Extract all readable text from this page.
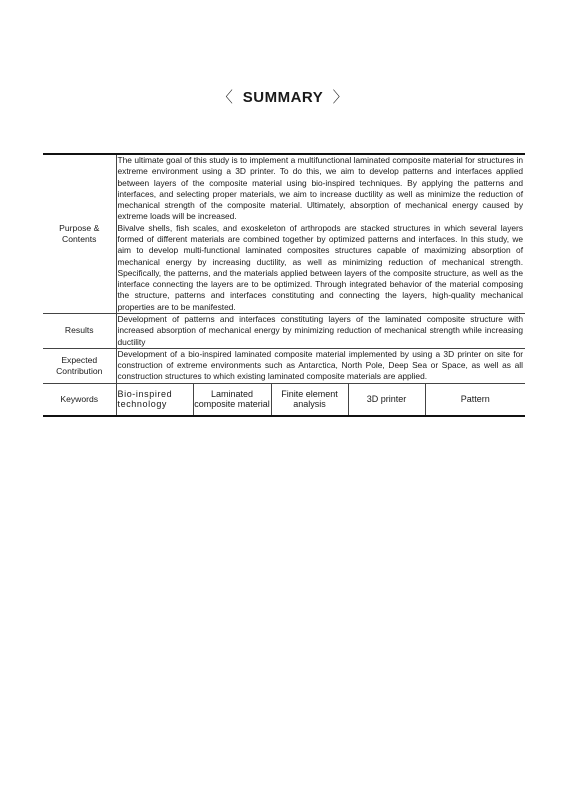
〈 SUMMARY 〉
Purpose & Contents	The ultimate goal of this study is to implement a multifunctional laminated composite material for structures in extreme environment using a 3D printer. To do this, we aim to develop patterns and interfaces applied between layers of the composite material using bio-inspired techniques. By applying the patterns and interfaces, and selecting proper materials, we aim to increase ductility as well as minimize the reduction of mechanical strength of the composite material. Ultimately, absorption of mechanical energy caused by extreme loads will be increased.

Bivalve shells, fish scales, and exoskeleton of arthropods are stacked structures in which several layers formed of different materials are combined together by optimized patterns and interfaces. In this study, we aim to develop multi-functional laminated composites structures capable of maximizing absorption of mechanical energy by increasing ductility, as well as minimizing reduction of mechanical strength. Specifically, the patterns, and the materials applied between layers of the composite structure, as well as the interface connecting the layers are to be optimized. Through integrated behavior of the material composing the structure, patterns and interfaces constituting and connecting the layers, high-quality mechanical properties are to be manifested.				

Results	Development of patterns and interfaces constituting layers of the laminated composite structure with increased absorption of mechanical energy by minimizing reduction of mechanical strength while increasing ductility				

Expected Contribution	Development of a bio-inspired laminated composite material implemented by using a 3D printer on site for construction of extreme environments such as Antarctica, North Pole, Deep Sea or Space, as well as all construction structures to which existing laminated composite materials are applied.				

Keywords	Bio-inspired technology	Laminated composite material	Finite element analysis	3D printer	Pattern
